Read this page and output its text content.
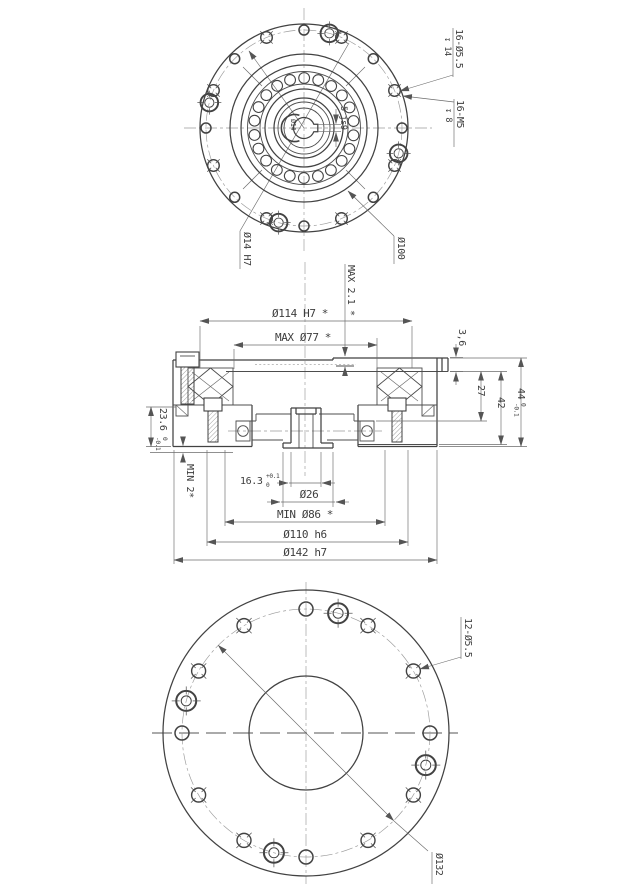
5 js9
Ø14
16-Ø5.5
↧ 14
16-M5
↧ 8
Ø14 H7	Ø100
MAX 2.1 *
Ø114 H7 *
MAX Ø77 *	3,6
27
42
44
0
-0.1
23.6
0
-0.1
MIN 2*	16.3 +0.1
0
Ø26
MIN Ø86 *
Ø110 h6
Ø142 h7
Ø132
12-Ø5.5
